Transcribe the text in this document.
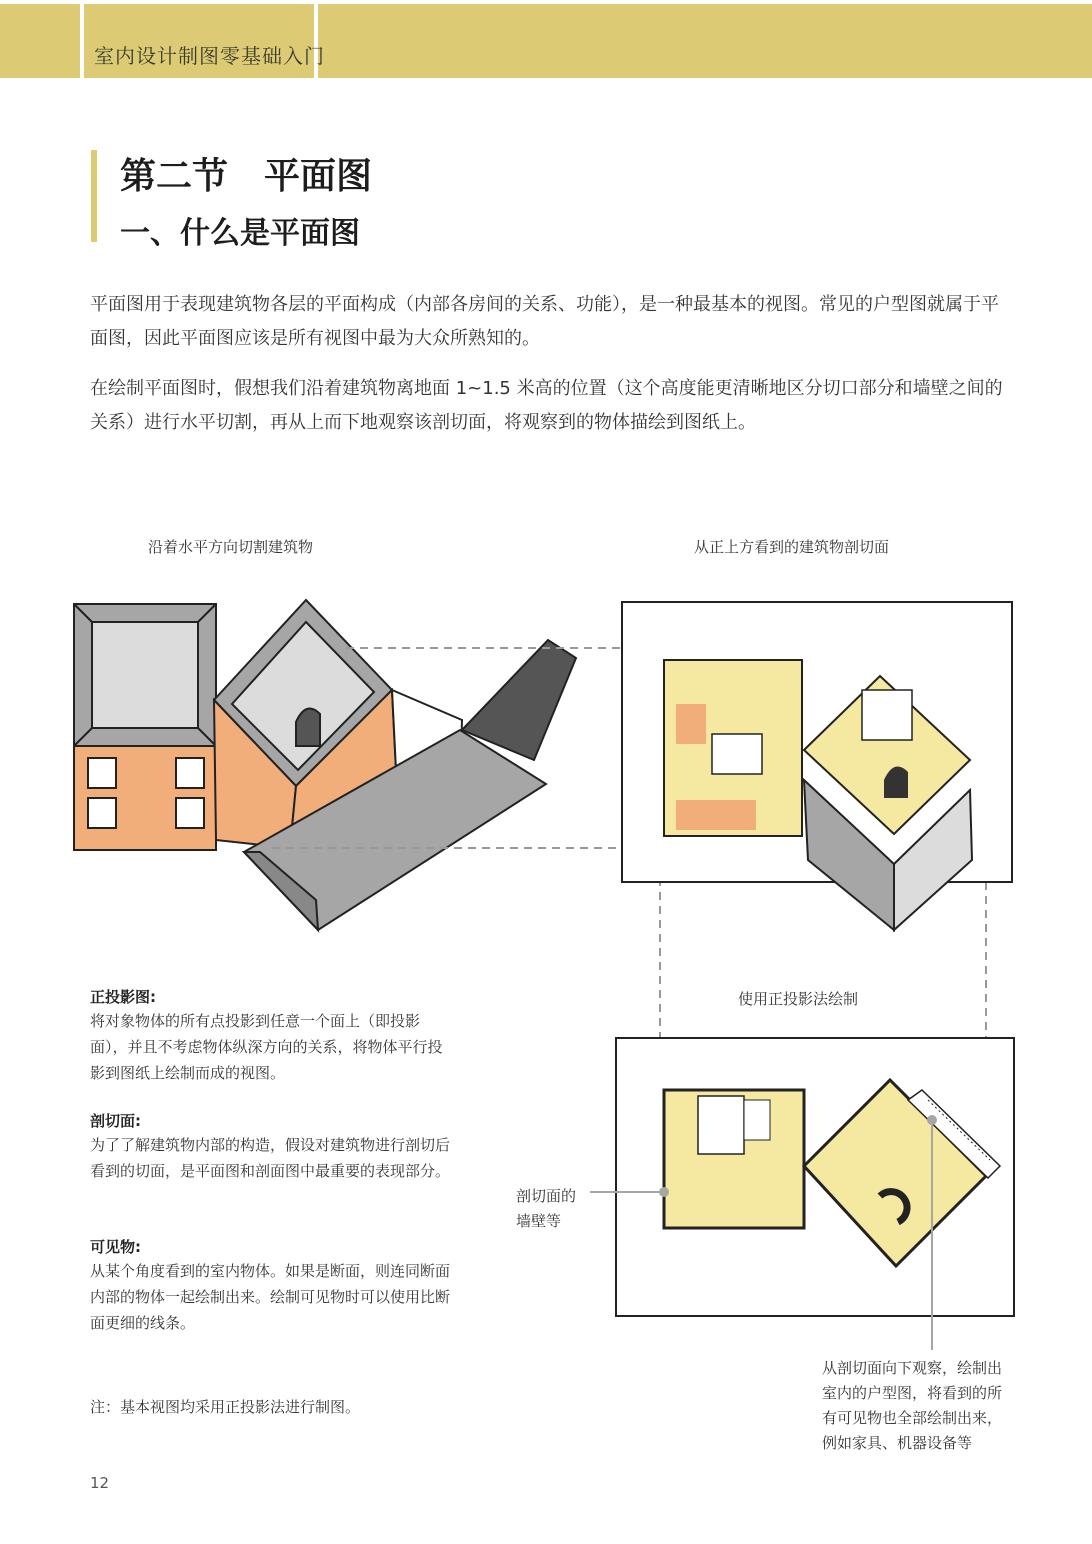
室内设计制图零基础入门
第二节　平面图
一、什么是平面图
平面图用于表现建筑物各层的平面构成（内部各房间的关系、功能），是一种最基本的视图。常见的户型图就属于平面图，因此平面图应该是所有视图中最为大众所熟知的。
在绘制平面图时，假想我们沿着建筑物离地面 1~1.5 米高的位置（这个高度能更清晰地区分切口部分和墙壁之间的关系）进行水平切割，再从上而下地观察该剖切面，将观察到的物体描绘到图纸上。
沿着水平方向切割建筑物	从正上方看到的建筑物剖切面
使用正投影法绘制
剖切面的
墙壁等
从剖切面向下观察，绘制出
室内的户型图，将看到的所
有可见物也全部绘制出来，
例如家具、机器设备等
正投影图:
将对象物体的所有点投影到任意一个面上（即投影面），并且不考虑物体纵深方向的关系，将物体平行投影到图纸上绘制而成的视图。
剖切面:
为了了解建筑物内部的构造，假设对建筑物进行剖切后看到的切面，是平面图和剖面图中最重要的表现部分。
可见物:
从某个角度看到的室内物体。如果是断面，则连同断面内部的物体一起绘制出来。绘制可见物时可以使用比断面更细的线条。
注：基本视图均采用正投影法进行制图。
12
